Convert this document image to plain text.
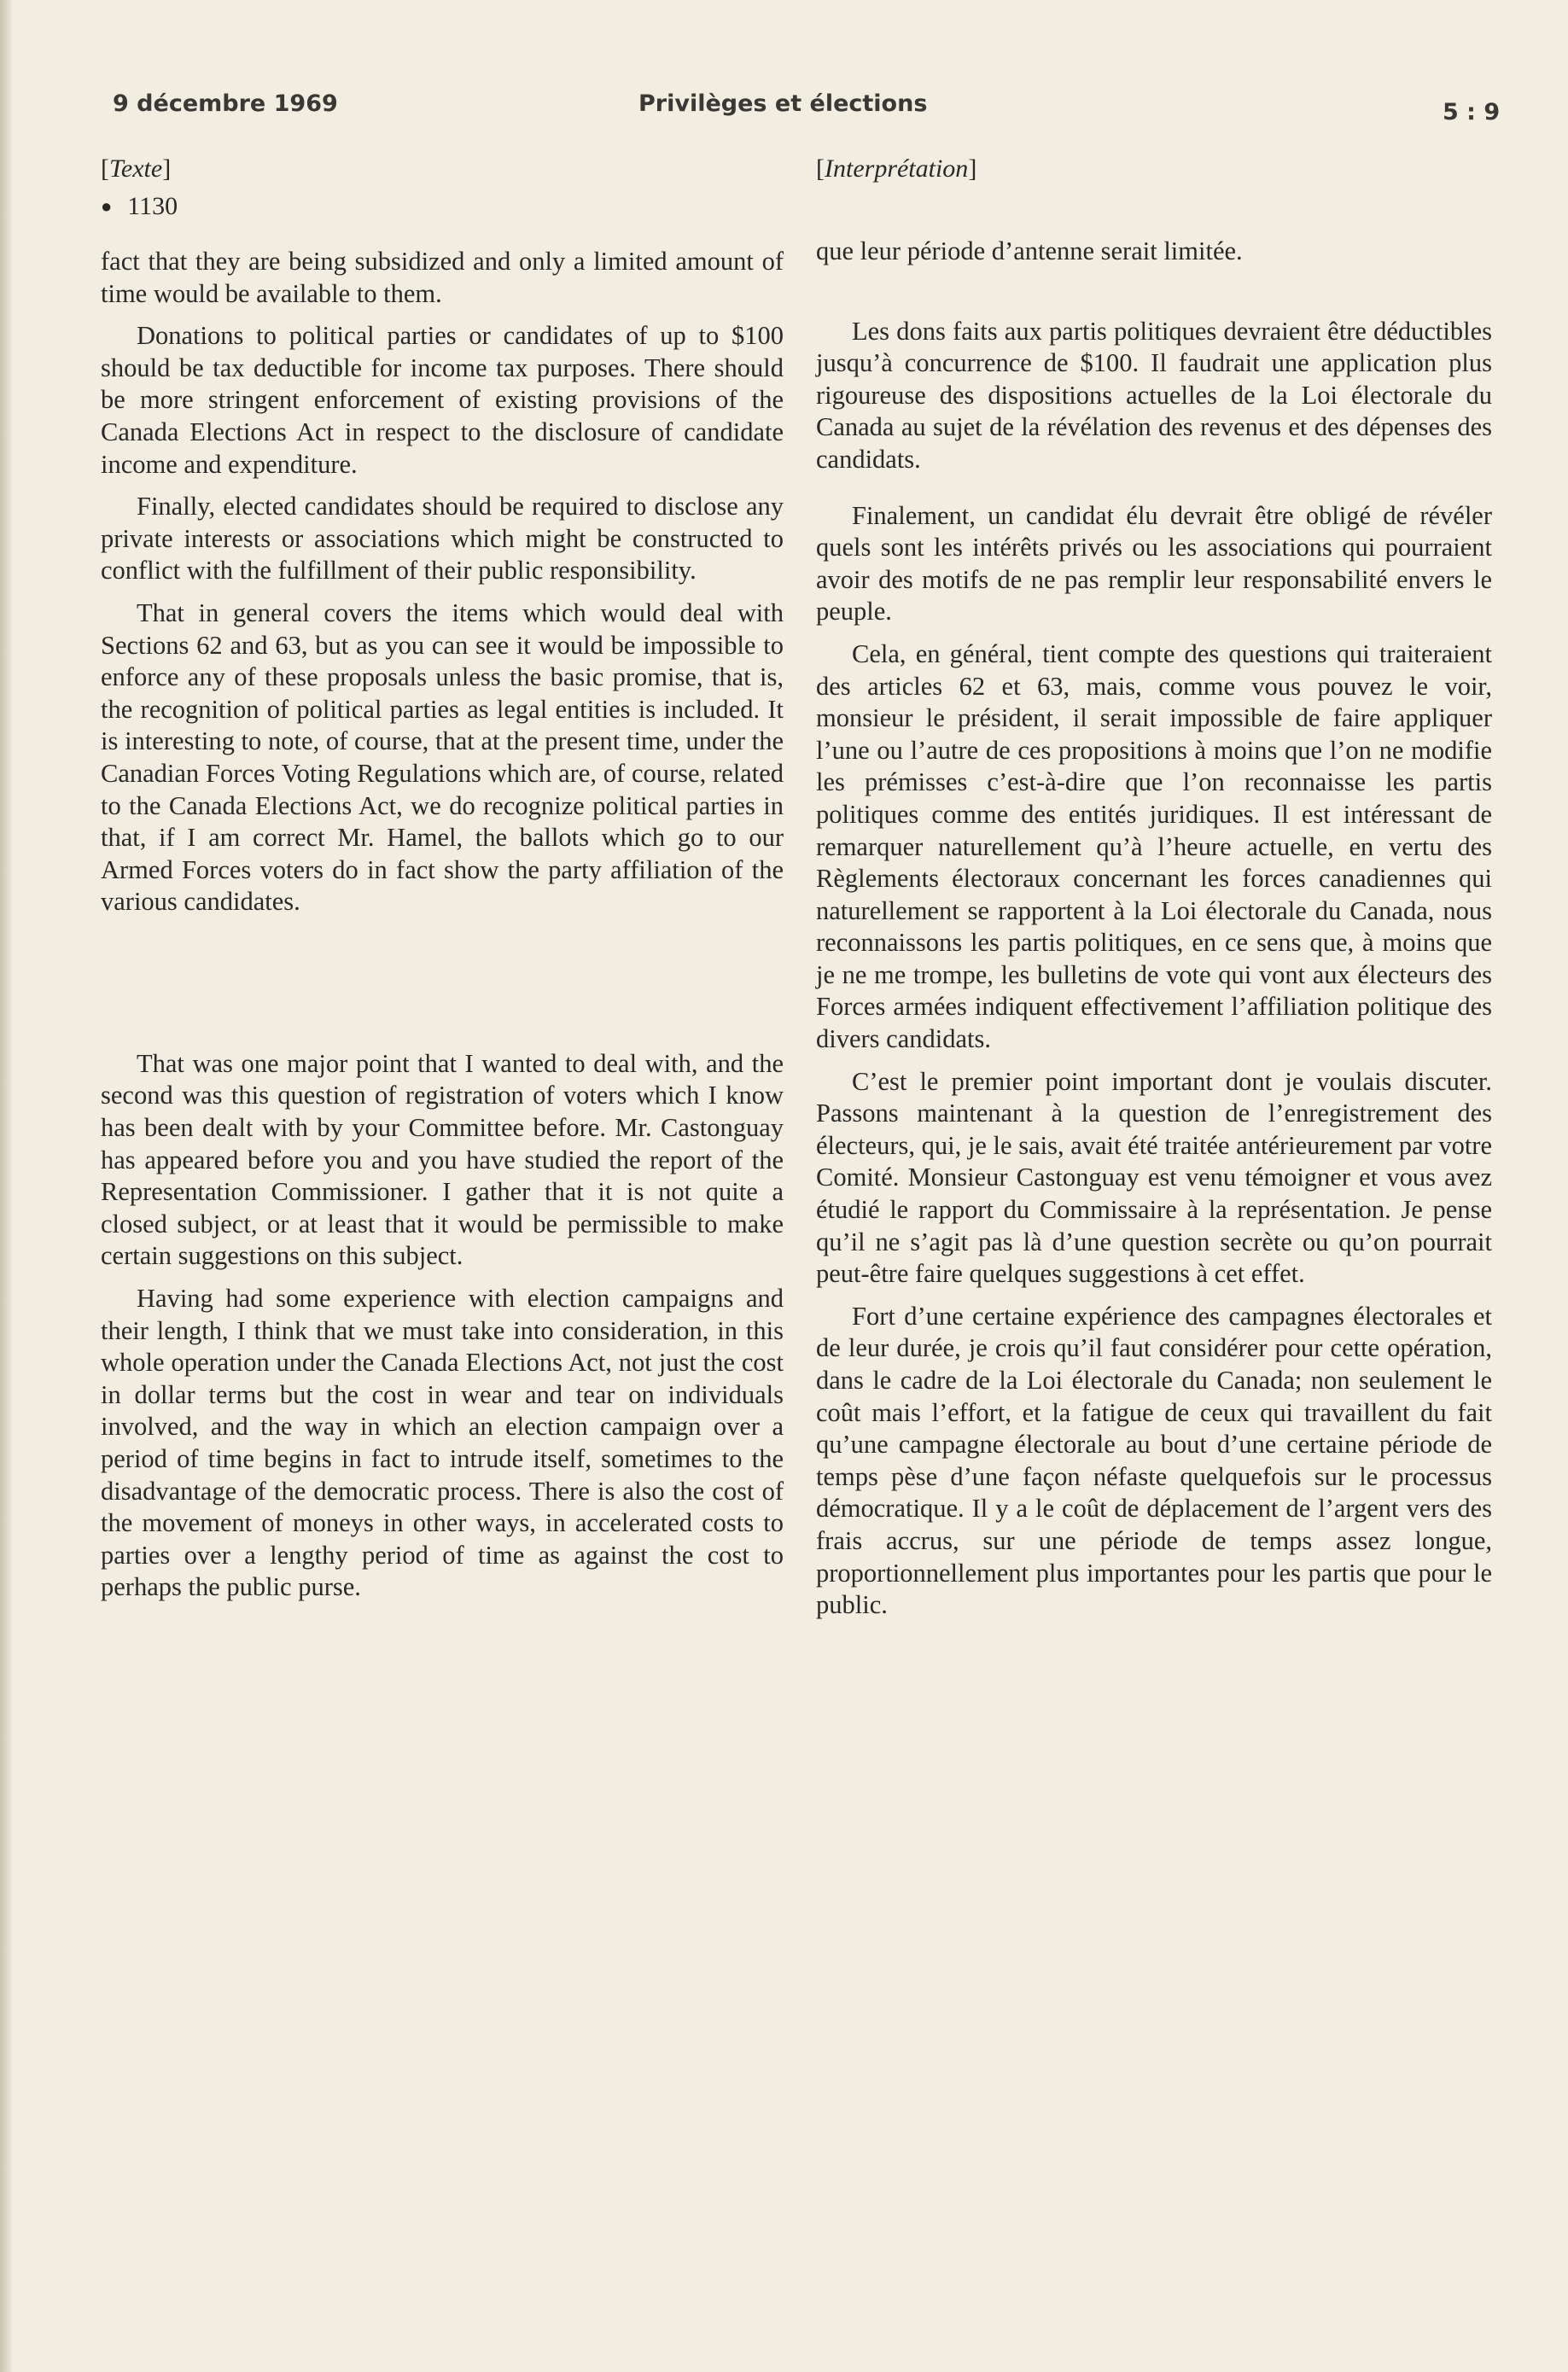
9 décembre 1969	Privilèges et élections	5 : 9
[Texte]
● 1130

fact that they are being subsidized and only a limited amount of time would be available to them.

Donations to political parties or candidates of up to $100 should be tax deductible for income tax purposes. There should be more stringent enforcement of existing provisions of the Canada Elections Act in respect to the disclosure of candidate income and expenditure.

Finally, elected candidates should be required to disclose any private interests or associations which might be constructed to conflict with the fulfillment of their public responsibility.

That in general covers the items which would deal with Sections 62 and 63, but as you can see it would be impossible to enforce any of these proposals unless the basic promise, that is, the recognition of political parties as legal entities is included. It is interesting to note, of course, that at the present time, under the Canadian Forces Voting Regulations which are, of course, related to the Canada Elections Act, we do recognize political parties in that, if I am correct Mr. Hamel, the ballots which go to our Armed Forces voters do in fact show the party affiliation of the various candidates.

That was one major point that I wanted to deal with, and the second was this question of registration of voters which I know has been dealt with by your Committee before. Mr. Castonguay has appeared before you and you have studied the report of the Representation Commissioner. I gather that it is not quite a closed subject, or at least that it would be permissible to make certain suggestions on this subject.

Having had some experience with election campaigns and their length, I think that we must take into consideration, in this whole operation under the Canada Elections Act, not just the cost in dollar terms but the cost in wear and tear on individuals involved, and the way in which an election campaign over a period of time begins in fact to intrude itself, sometimes to the disadvantage of the democratic process. There is also the cost of the movement of moneys in other ways, in accelerated costs to parties over a lengthy period of time as against the cost to perhaps the public purse.

[Interprétation]

que leur période d’antenne serait limitée.

Les dons faits aux partis politiques devraient être déductibles jusqu’à concurrence de $100. Il faudrait une application plus rigoureuse des dispositions actuelles de la Loi électorale du Canada au sujet de la révélation des revenus et des dépenses des candidats.

Finalement, un candidat élu devrait être obligé de révéler quels sont les intérêts privés ou les associations qui pourraient avoir des motifs de ne pas remplir leur responsabilité envers le peuple.

Cela, en général, tient compte des questions qui traiteraient des articles 62 et 63, mais, comme vous pouvez le voir, monsieur le président, il serait impossible de faire appliquer l’une ou l’autre de ces propositions à moins que l’on ne modifie les prémisses c’est-à-dire que l’on reconnaisse les partis politiques comme des entités juridiques. Il est intéressant de remarquer naturellement qu’à l’heure actuelle, en vertu des Règlements électoraux concernant les forces canadiennes qui naturellement se rapportent à la Loi électorale du Canada, nous reconnaissons les partis politiques, en ce sens que, à moins que je ne me trompe, les bulletins de vote qui vont aux électeurs des Forces armées indiquent effectivement l’affiliation politique des divers candidats.

C’est le premier point important dont je voulais discuter. Passons maintenant à la question de l’enregistrement des électeurs, qui, je le sais, avait été traitée antérieurement par votre Comité. Monsieur Castonguay est venu témoigner et vous avez étudié le rapport du Commissaire à la représentation. Je pense qu’il ne s’agit pas là d’une question secrète ou qu’on pourrait peut-être faire quelques suggestions à cet effet.

Fort d’une certaine expérience des campagnes électorales et de leur durée, je crois qu’il faut considérer pour cette opération, dans le cadre de la Loi électorale du Canada; non seulement le coût mais l’effort, et la fatigue de ceux qui travaillent du fait qu’une campagne électorale au bout d’une certaine période de temps pèse d’une façon néfaste quelquefois sur le processus démocratique. Il y a le coût de déplacement de l’argent vers des frais accrus, sur une période de temps assez longue, proportionnellement plus importantes pour les partis que pour le public.
